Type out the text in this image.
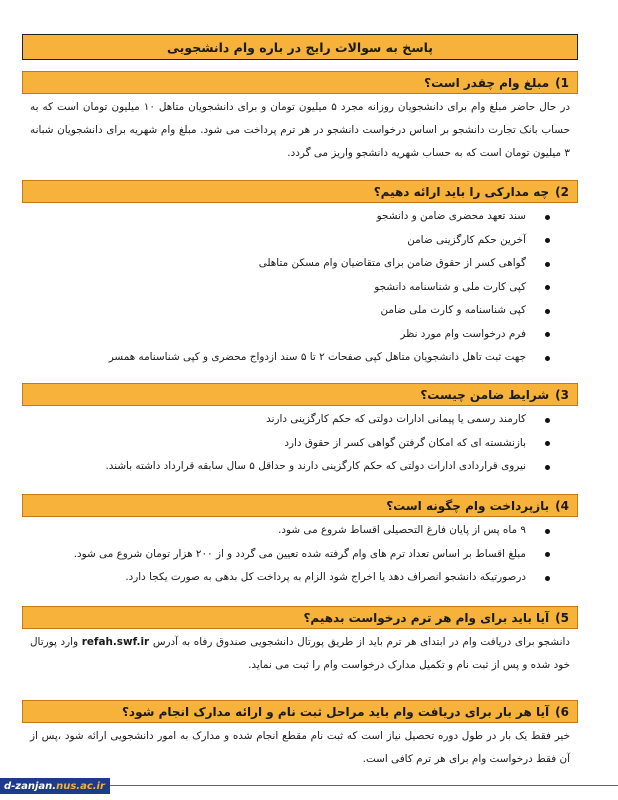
پاسخ به سوالات رایج در باره وام دانشجویی
1)
مبلغ وام چقدر است؟
در حال حاضر مبلغ وام برای دانشجویان روزانه مجرد ۵ میلیون تومان و برای دانشجویان متاهل ۱۰ میلیون تومان است که به حساب بانک تجارت دانشجو بر اساس درخواست دانشجو در هر ترم پرداخت می شود. مبلغ وام شهریه برای دانشجویان شبانه ۳ میلیون تومان است که به حساب شهریه دانشجو واریز می گردد.
2)
چه مدارکی را باید ارائه دهیم؟
سند تعهد محضری ضامن و دانشجو
آخرین حکم کارگزینی ضامن
گواهی کسر از حقوق ضامن برای متقاضیان وام مسکن متاهلی
کپی کارت ملی و شناسنامه دانشجو
کپی شناسنامه و کارت ملی ضامن
فرم درخواست وام مورد نظر
جهت ثبت تاهل دانشجویان متاهل کپی صفحات ۲ تا ۵ سند ازدواج محضری و کپی شناسنامه همسر
3)
شرایط ضامن چیست؟
کارمند رسمی یا پیمانی ادارات دولتی که حکم کارگزینی دارند
بازنشسته ای که امکان گرفتن گواهی کسر از حقوق دارد
نیروی قراردادی ادارات دولتی که حکم کارگزینی دارند و حداقل ۵ سال سابقه قرارداد داشته باشند.
4)
بازپرداخت وام چگونه است؟
۹ ماه پس از پایان فارغ التحصیلی اقساط شروع می شود.
مبلغ اقساط بر اساس تعداد ترم های وام گرفته شده تعیین می گردد و از ۲۰۰ هزار تومان شروع می شود.
درصورتیکه دانشجو انصراف دهد یا اخراج شود الزام به پرداخت کل بدهی به صورت یکجا دارد.
5)
آیا باید برای وام هر ترم درخواست بدهیم؟
دانشجو برای دریافت وام در ابتدای هر ترم باید از طریق پورتال دانشجویی صندوق رفاه به آدرس refah.swf.ir وارد پورتال خود شده و پس از ثبت نام و تکمیل مدارک درخواست وام را ثبت می نماید.
6)
آیا هر بار برای دریافت وام باید مراحل ثبت نام و ارائه مدارک انجام شود؟
خیر فقط یک بار در طول دوره تحصیل نیاز است که ثبت نام مقطع انجام شده و مدارک به امور دانشجویی ارائه شود ،پس از آن فقط درخواست وام برای هر ترم کافی است.
d-zanjan. nus.ac.ir
